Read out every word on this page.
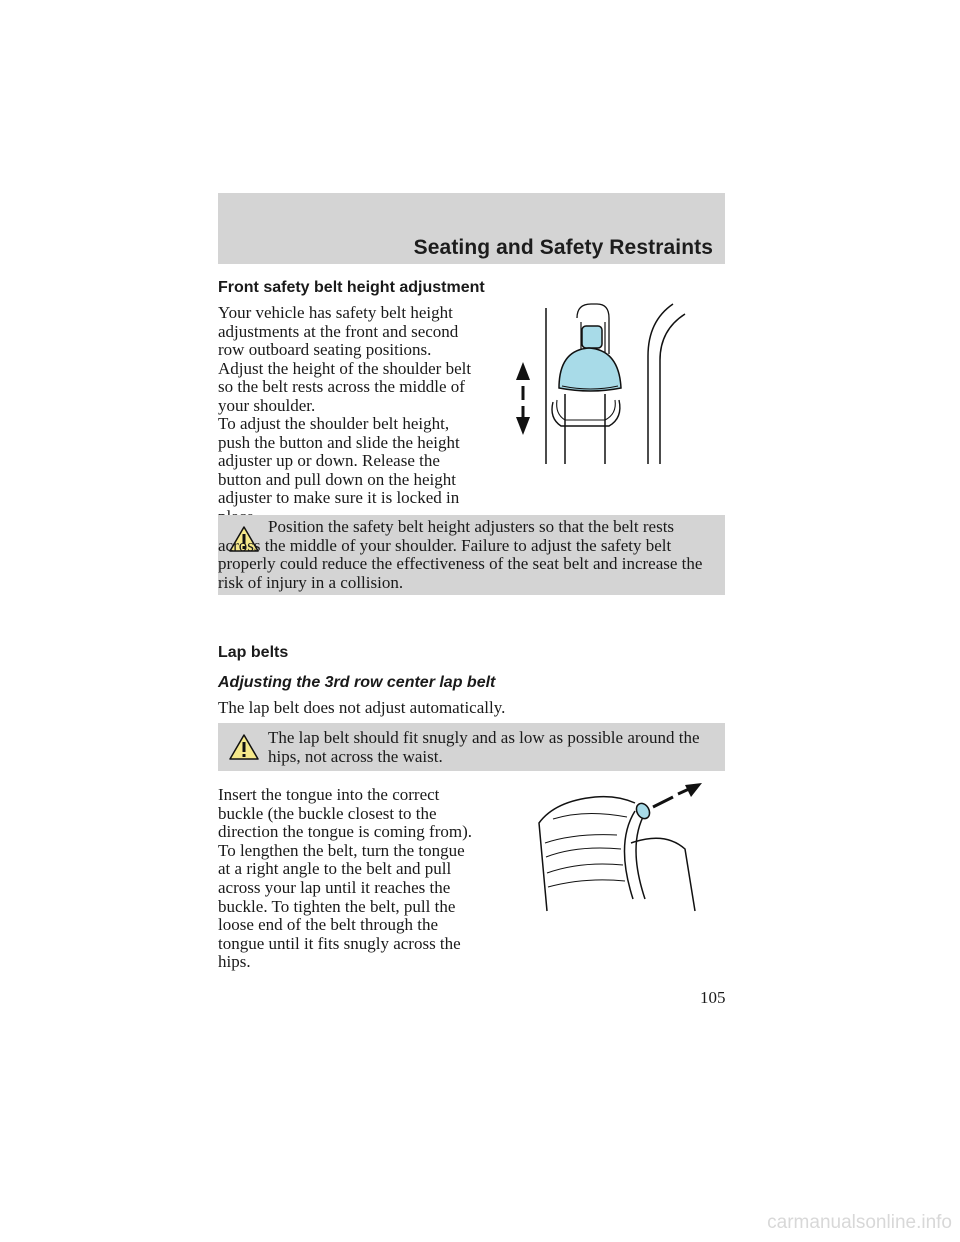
Seating and Safety Restraints
Front safety belt height adjustment

Your vehicle has safety belt height adjustments at the front and second row outboard seating positions. Adjust the height of the shoulder belt so the belt rests across the middle of your shoulder.

To adjust the shoulder belt height, push the button and slide the height adjuster up or down. Release the button and pull down on the height adjuster to make sure it is locked in

Position the safety belt height adjusters so that the belt rests across the middle of your shoulder. Failure to adjust the safety belt properly could reduce the effectiveness of the seat belt and increase the risk of injury in a collision.

Lap belts
Adjusting the 3rd row center lap belt

The lap belt does not adjust automatically.

The lap belt should fit snugly and as low as possible around the hips, not across the waist.

Insert the tongue into the correct buckle (the buckle closest to the direction the tongue is coming from). To lengthen the belt, turn the tongue at a right angle to the belt and pull across your lap until it reaches the buckle. To tighten the belt, pull the loose end of the belt through the tongue until it fits snugly across the hips.

105
carmanualsonline.info
